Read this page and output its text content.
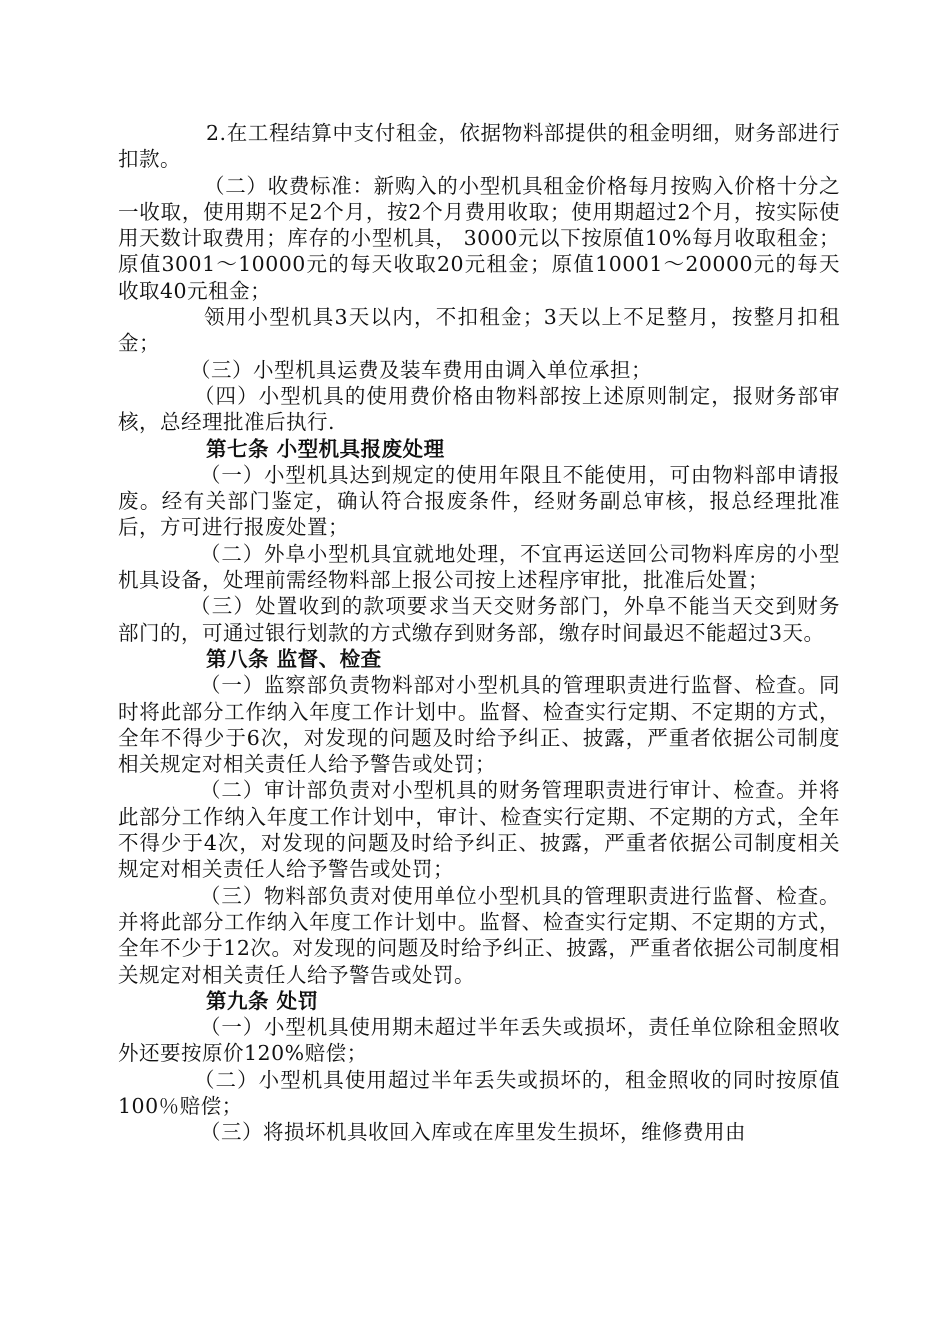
2.在工程结算中支付租金，依据物料部提供的租金明细，财务部进行扣款。

（二）收费标准：新购入的小型机具租金价格每月按购入价格十分之一收取，使用期不足2个月，按2个月费用收取；使用期超过2个月，按实际使用天数计取费用；库存的小型机具， 3000元以下按原值10%每月收取租金；原值3001～10000元的每天收取20元租金；原值10001～20000元的每天收取40元租金；

领用小型机具3天以内，不扣租金；3天以上不足整月，按整月扣租金；

（三）小型机具运费及装车费用由调入单位承担；

（四）小型机具的使用费价格由物料部按上述原则制定，报财务部审核，总经理批准后执行.

第七条 小型机具报废处理

（一）小型机具达到规定的使用年限且不能使用，可由物料部申请报废。经有关部门鉴定，确认符合报废条件，经财务副总审核，报总经理批准后，方可进行报废处置；

（二）外阜小型机具宜就地处理，不宜再运送回公司物料库房的小型机具设备，处理前需经物料部上报公司按上述程序审批，批准后处置；

（三）处置收到的款项要求当天交财务部门，外阜不能当天交到财务部门的，可通过银行划款的方式缴存到财务部，缴存时间最迟不能超过3天。

第八条 监督、检查

（一）监察部负责物料部对小型机具的管理职责进行监督、检查。同时将此部分工作纳入年度工作计划中。监督、检查实行定期、不定期的方式，全年不得少于6次，对发现的问题及时给予纠正、披露，严重者依据公司制度相关规定对相关责任人给予警告或处罚；

（二）审计部负责对小型机具的财务管理职责进行审计、检查。并将此部分工作纳入年度工作计划中，审计、检查实行定期、不定期的方式，全年不得少于4次，对发现的问题及时给予纠正、披露，严重者依据公司制度相关规定对相关责任人给予警告或处罚；

（三）物料部负责对使用单位小型机具的管理职责进行监督、检查。并将此部分工作纳入年度工作计划中。监督、检查实行定期、不定期的方式，全年不少于12次。对发现的问题及时给予纠正、披露，严重者依据公司制度相关规定对相关责任人给予警告或处罚。

第九条 处罚

（一）小型机具使用期未超过半年丢失或损坏，责任单位除租金照收外还要按原价120%赔偿；

（二）小型机具使用超过半年丢失或损坏的，租金照收的同时按原值100％赔偿；

（三）将损坏机具收回入库或在库里发生损坏，维修费用由
